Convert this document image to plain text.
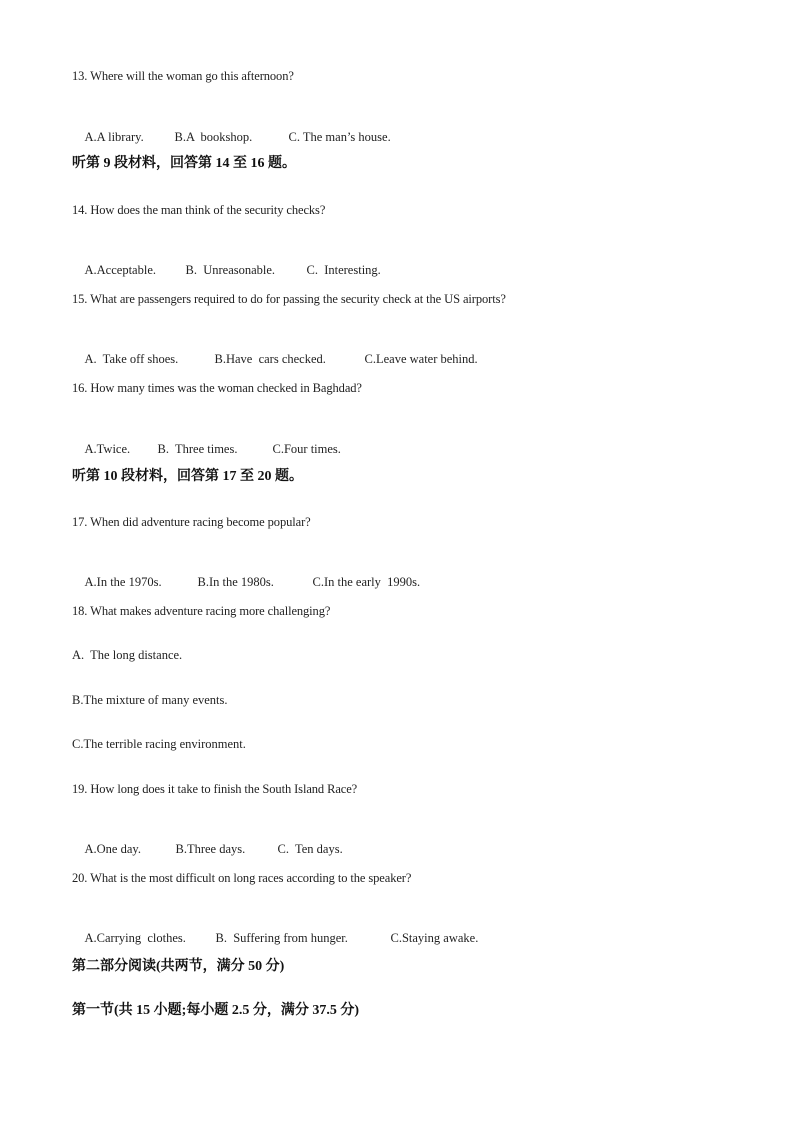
13. Where will the woman go this afternoon?

A.A library. B.A  bookshop.	C. The man’s house.

听第 9 段材料，回答第 14 至 16 题。
14. How does the man think of the security checks?

A.Acceptable. B.  Unreasonable.	C.  Interesting.

15. What are passengers required to do for passing the security check at the US airports?

A.  Take off shoes.	B.Have  cars checked.	C.Leave water behind.

16. How many times was the woman checked in Baghdad?

A.Twice. B.  Three times.	C.Four times.

听第 10 段材料，回答第 17 至 20 题。
17. When did adventure racing become popular?

A.In the 1970s.	B.In the 1980s.	C.In the early  1990s.

18. What makes adventure racing more challenging?
A.  The long distance.
B.The mixture of many events.
C.The terrible racing environment.
19. How long does it take to finish the South Island Race?

A.One day.	B.Three days.	C.  Ten days.

20. What is the most difficult on long races according to the speaker?

A.Carrying  clothes. B.  Suffering from hunger.	C.Staying awake.

第二部分阅读(共两节，满分 50 分)
第一节(共 15 小题;每小题 2.5 分，满分 37.5 分)
